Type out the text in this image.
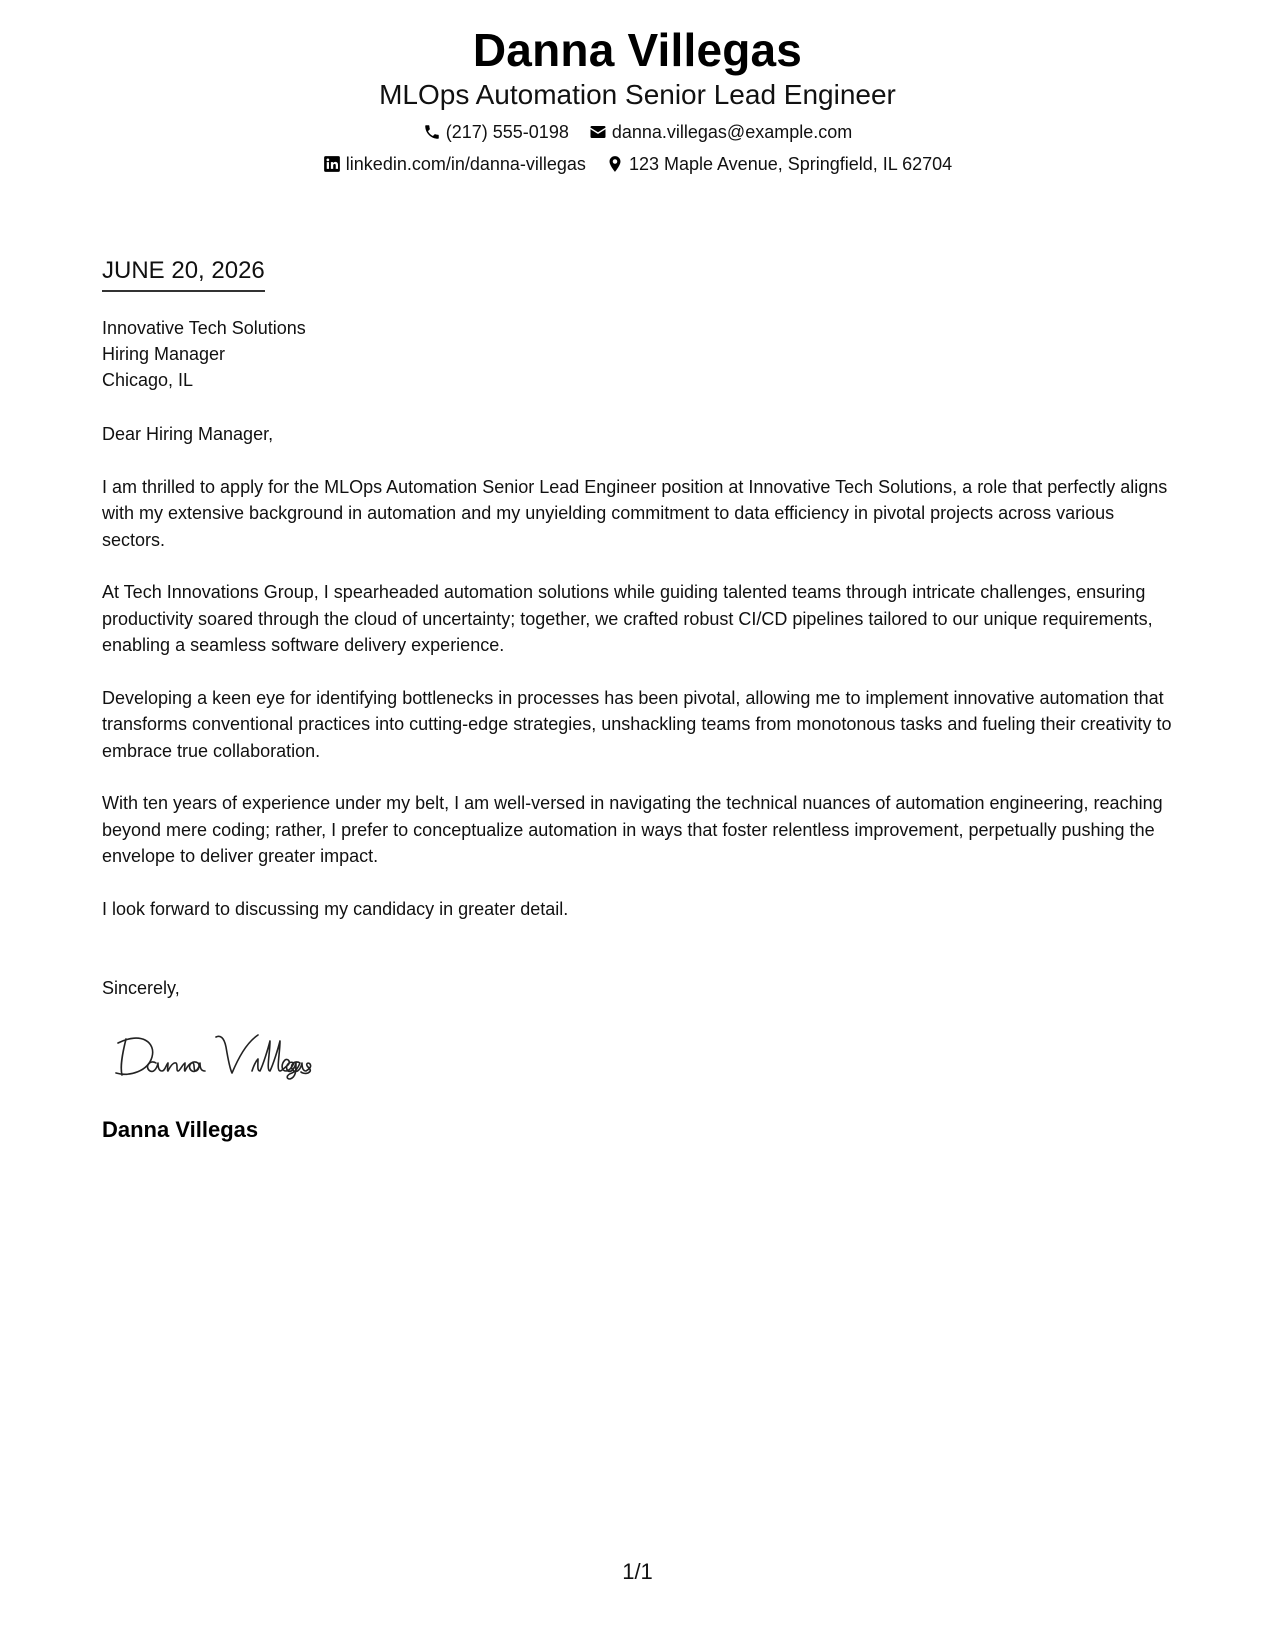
Danna Villegas
MLOps Automation Senior Lead Engineer
(217) 555-0198 danna.villegas@example.com
linkedin.com/in/danna-villegas 123 Maple Avenue, Springfield, IL 62704
JUNE 20, 2026
Innovative Tech Solutions
Hiring Manager
Chicago, IL

Dear Hiring Manager,

I am thrilled to apply for the MLOps Automation Senior Lead Engineer position at Innovative Tech Solutions, a role that perfectly aligns with my extensive background in automation and my unyielding commitment to data efficiency in pivotal projects across various sectors.

At Tech Innovations Group, I spearheaded automation solutions while guiding talented teams through intricate challenges, ensuring productivity soared through the cloud of uncertainty; together, we crafted robust CI/CD pipelines tailored to our unique requirements, enabling a seamless software delivery experience.

Developing a keen eye for identifying bottlenecks in processes has been pivotal, allowing me to implement innovative automation that transforms conventional practices into cutting-edge strategies, unshackling teams from monotonous tasks and fueling their creativity to embrace true collaboration.

With ten years of experience under my belt, I am well-versed in navigating the technical nuances of automation engineering, reaching beyond mere coding; rather, I prefer to conceptualize automation in ways that foster relentless improvement, perpetually pushing the envelope to deliver greater impact.

I look forward to discussing my candidacy in greater detail.

Sincerely,
Danna Villegas
1/1
